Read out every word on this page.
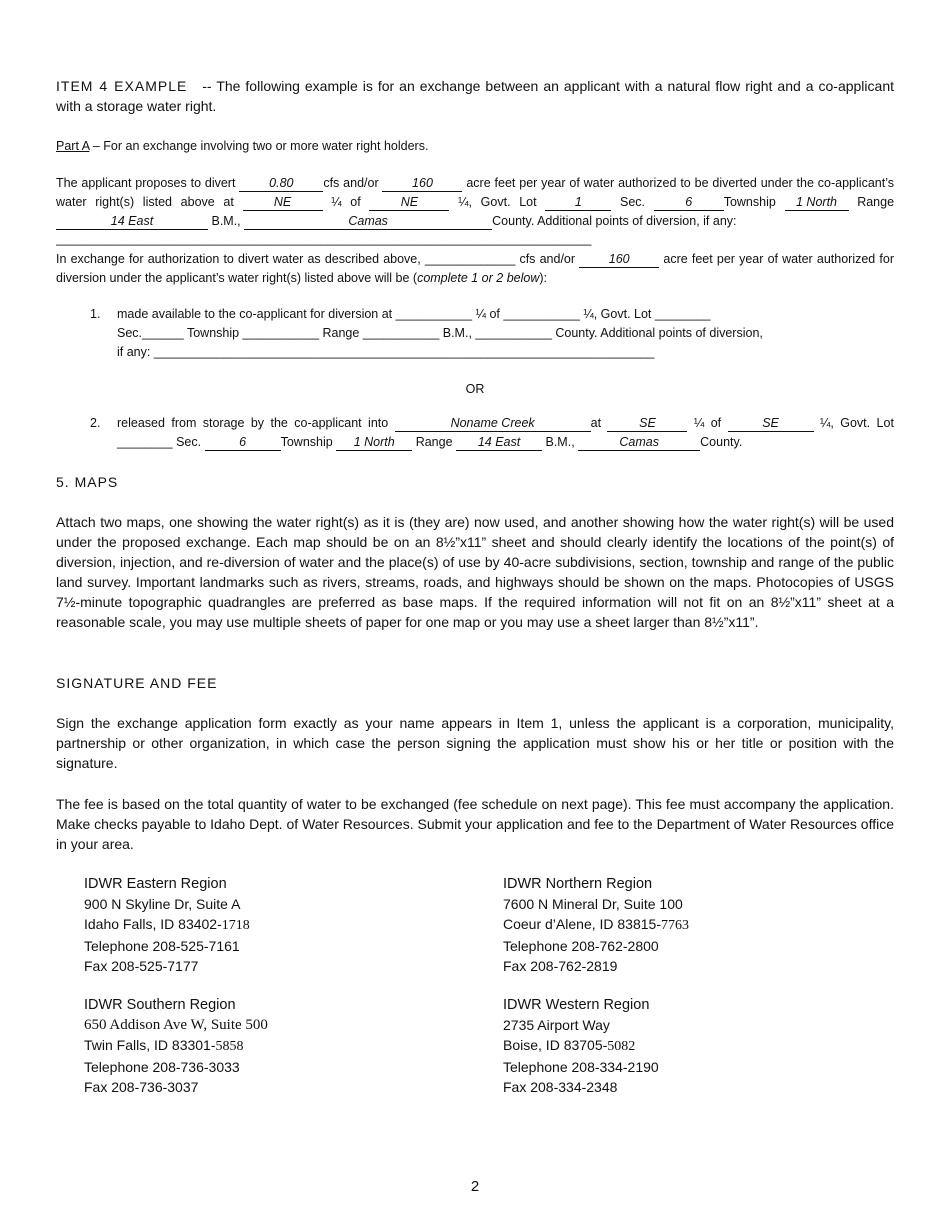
ITEM 4 EXAMPLE -- The following example is for an exchange between an applicant with a natural flow right and a co-applicant with a storage water right.
Part A – For an exchange involving two or more water right holders.
The applicant proposes to divert	0.80 cfs and/or	160	acre feet per year of water authorized to be diverted under the co-applicant’s water right(s) listed above at	NE	¼ of	NE	¼, Govt. Lot	1	Sec.	6	Township 1 North Range 14 East	B.M.,	Camas	County. Additional points of diversion, if any:
_____________________________________________________________________________
In exchange for authorization to divert water as described above, _____________ cfs and/or	160	acre feet per year of water authorized for diversion under the applicant’s water right(s) listed above will be (complete 1 or 2 below):
1. made available to the co-applicant for diversion at ___________ ¼ of ___________ ¼, Govt. Lot ________
Sec.______ Township ___________ Range ___________ B.M., ___________ County. Additional points of diversion,
if any: ________________________________________________________________________
OR
2. released from storage by the co-applicant into	Noname Creek	at	SE	¼ of	SE	¼, Govt. Lot ________ Sec.	6	Township 1 North Range 14 East B.M.,	Camas	County.
5. MAPS
Attach two maps, one showing the water right(s) as it is (they are) now used, and another showing how the water right(s) will be used under the proposed exchange. Each map should be on an 8½”x11” sheet and should clearly identify the locations of the point(s) of diversion, injection, and re-diversion of water and the place(s) of use by 40-acre subdivisions, section, township and range of the public land survey. Important landmarks such as rivers, streams, roads, and highways should be shown on the maps. Photocopies of USGS 7½-minute topographic quadrangles are preferred as base maps. If the required information will not fit on an 8½”x11” sheet at a reasonable scale, you may use multiple sheets of paper for one map or you may use a sheet larger than 8½”x11”.
SIGNATURE AND FEE
Sign the exchange application form exactly as your name appears in Item 1, unless the applicant is a corporation, municipality, partnership or other organization, in which case the person signing the application must show his or her title or position with the signature.
The fee is based on the total quantity of water to be exchanged (fee schedule on next page). This fee must accompany the application. Make checks payable to Idaho Dept. of Water Resources. Submit your application and fee to the Department of Water Resources office in your area.
IDWR Eastern Region
900 N Skyline Dr, Suite A
Idaho Falls, ID 83402-1718
Telephone 208-525-7161
Fax 208-525-7177
IDWR Northern Region
7600 N Mineral Dr, Suite 100
Coeur d’Alene, ID 83815-7763
Telephone 208-762-2800
Fax 208-762-2819
IDWR Southern Region
650 Addison Ave W, Suite 500
Twin Falls, ID 83301-5858
Telephone 208-736-3033
Fax 208-736-3037
IDWR Western Region
2735 Airport Way
Boise, ID 83705-5082
Telephone 208-334-2190
Fax 208-334-2348
2
